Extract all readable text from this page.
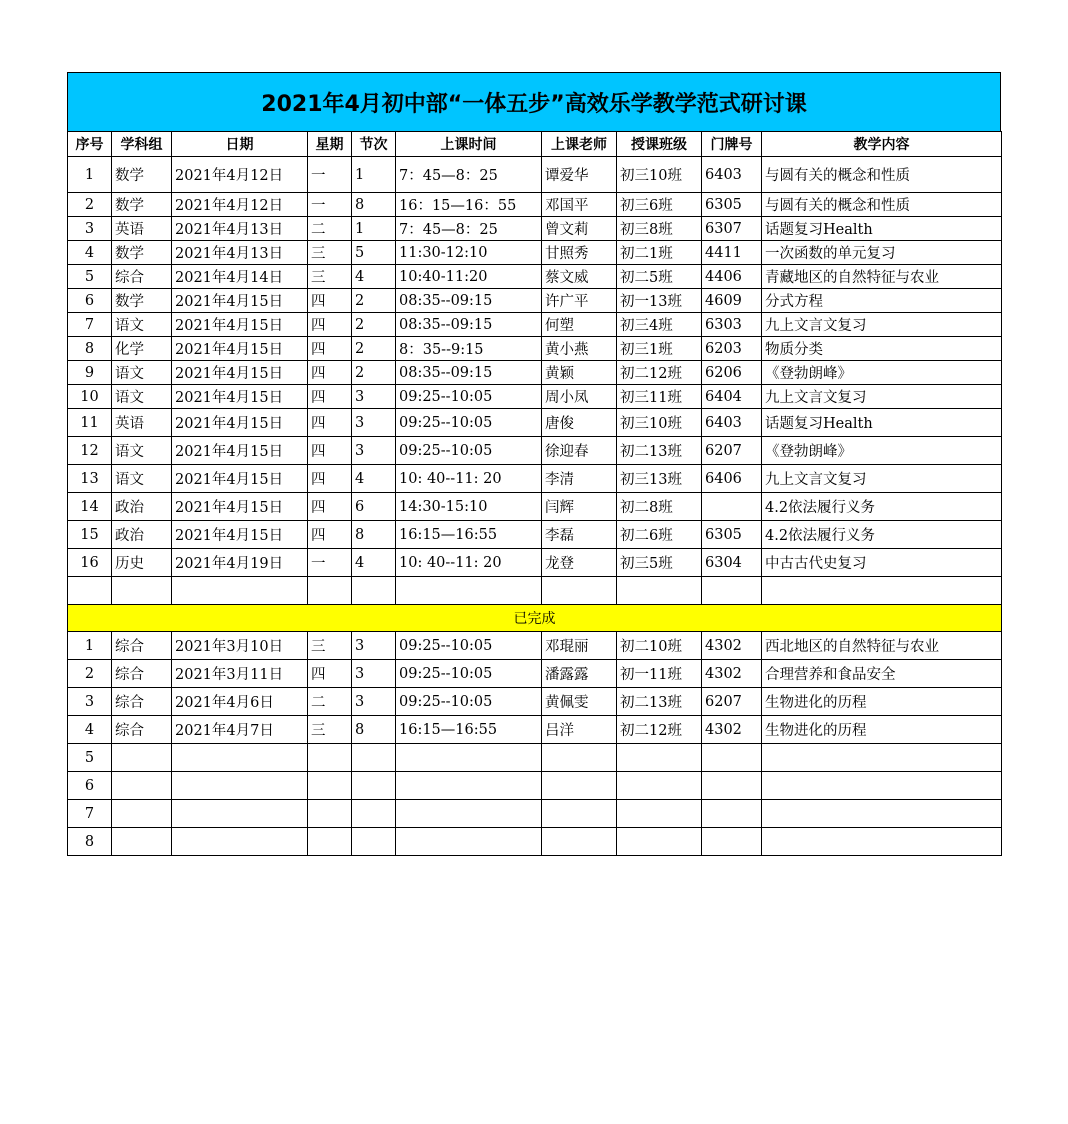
2021年4月初中部“一体五步”高效乐学教学范式研讨课
序号	学科组	日期	星期	节次	上课时间	上课老师	授课班级	门牌号	教学内容
1	数学	2021年4月12日	一	1	7：45—8：25	谭爱华	初三10班	6403	与圆有关的概念和性质
2	数学	2021年4月12日	一	8	16：15—16：55	邓国平	初三6班	6305	与圆有关的概念和性质
3	英语	2021年4月13日	二	1	7：45—8：25	曾文莉	初三8班	6307	话题复习Health
4	数学	2021年4月13日	三	5	11:30-12:10	甘照秀	初二1班	4411	一次函数的单元复习
5	综合	2021年4月14日	三	4	10:40-11:20	蔡文威	初二5班	4406	青藏地区的自然特征与农业
6	数学	2021年4月15日	四	2	08:35--09:15	许广平	初一13班	4609	分式方程
7	语文	2021年4月15日	四	2	08:35--09:15	何塑	初三4班	6303	九上文言文复习
8	化学	2021年4月15日	四	2	8：35--9:15	黄小燕	初三1班	6203	物质分类
9	语文	2021年4月15日	四	2	08:35--09:15	黄颖	初二12班	6206	《登勃朗峰》
10	语文	2021年4月15日	四	3	09:25--10:05	周小凤	初三11班	6404	九上文言文复习
11	英语	2021年4月15日	四	3	09:25--10:05	唐俊	初三10班	6403	话题复习Health
12	语文	2021年4月15日	四	3	09:25--10:05	徐迎春	初二13班	6207	《登勃朗峰》
13	语文	2021年4月15日	四	4	10: 40--11: 20	李清	初三13班	6406	九上文言文复习
14	政治	2021年4月15日	四	6	14:30-15:10	闫辉	初二8班		4.2依法履行义务
15	政治	2021年4月15日	四	8	16:15—16:55	李磊	初二6班	6305	4.2依法履行义务
16	历史	2021年4月19日	一	4	10: 40--11: 20	龙登	初三5班	6304	中古古代史复习

已完成									
1	综合	2021年3月10日	三	3	09:25--10:05	邓琨丽	初二10班	4302	西北地区的自然特征与农业
2	综合	2021年3月11日	四	3	09:25--10:05	潘露露	初一11班	4302	合理营养和食品安全
3	综合	2021年4月6日	二	3	09:25--10:05	黄佩雯	初二13班	6207	生物进化的历程
4	综合	2021年4月7日	三	8	16:15—16:55	吕洋	初二12班	4302	生物进化的历程
5									
6									
7									
8									
